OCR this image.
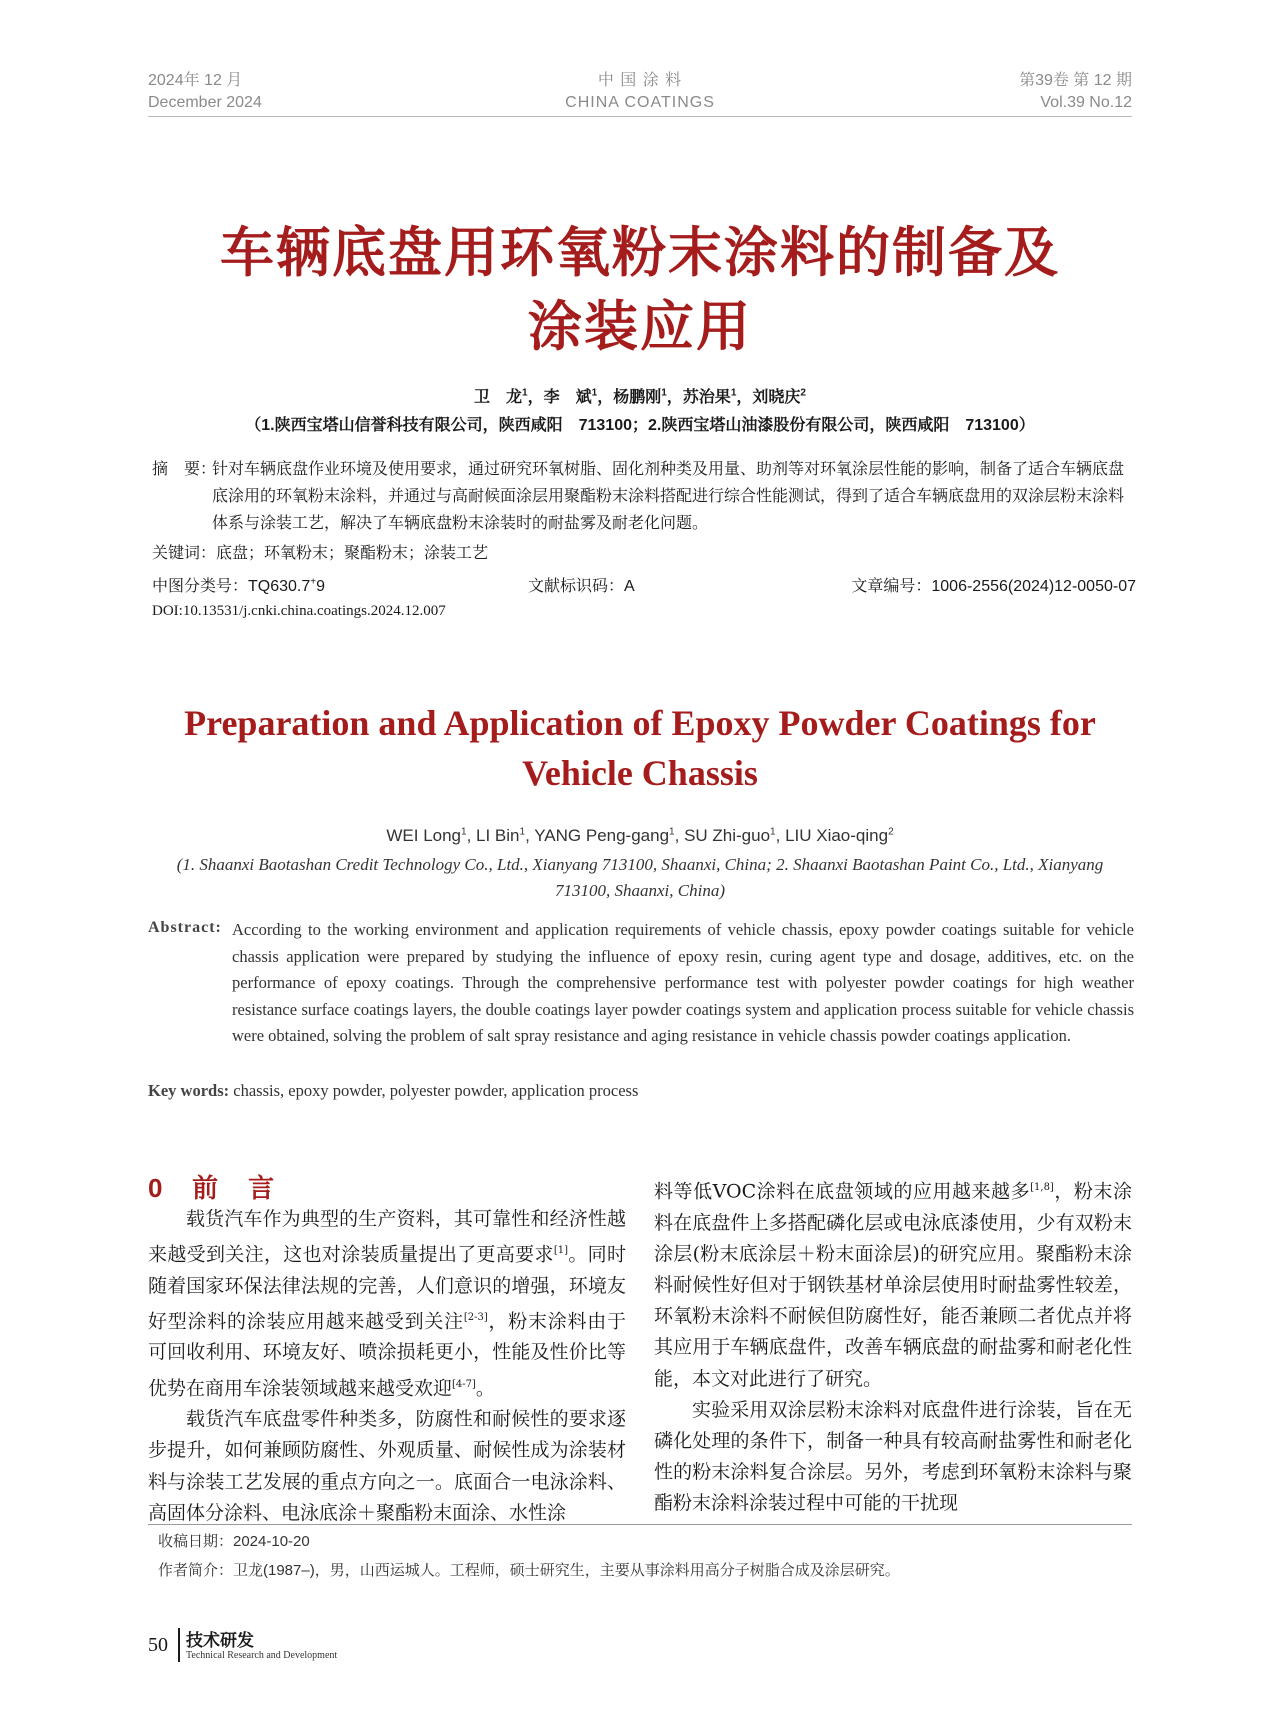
2024年 12 月
December 2024
中 国 涂 料
CHINA COATINGS
第39卷 第 12 期
Vol.39 No.12
车辆底盘用环氧粉末涂料的制备及
涂装应用
卫　龙$^1$，李　斌$^1$，杨鹏刚$^1$，苏治果$^1$，刘晓庆$^2$
（1.陕西宝塔山信誉科技有限公司，陕西咸阳　713100；2.陕西宝塔山油漆股份有限公司，陕西咸阳　713100）
摘　要：
针对车辆底盘作业环境及使用要求，通过研究环氧树脂、固化剂种类及用量、助剂等对环氧涂层性能的影响，制备了适合车辆底盘底涂用的环氧粉末涂料，并通过与高耐候面涂层用聚酯粉末涂料搭配进行综合性能测试，得到了适合车辆底盘用的双涂层粉末涂料体系与涂装工艺，解决了车辆底盘粉末涂装时的耐盐雾及耐老化问题。
关键词：底盘；环氧粉末；聚酯粉末；涂装工艺
中图分类号：TQ630.7+9	文献标识码：A	文章编号：1006-2556(2024)12-0050-07
DOI:10.13531/j.cnki.china.coatings.2024.12.007
Preparation and Application of Epoxy Powder Coatings for
Vehicle Chassis
WEI Long$^1$, LI Bin$^1$, YANG Peng-gang$^1$, SU Zhi-guo$^1$, LIU Xiao-qing$^2$
(1. Shaanxi Baotashan Credit Technology Co., Ltd., Xianyang 713100, Shaanxi, China; 2. Shaanxi Baotashan Paint Co., Ltd., Xianyang 713100, Shaanxi, China)
Abstract: According to the working environment and application requirements of vehicle chassis, epoxy powder coatings suitable for vehicle chassis application were prepared by studying the influence of epoxy resin, curing agent type and dosage, additives, etc. on the performance of epoxy coatings. Through the comprehensive performance test with polyester powder coatings for high weather resistance surface coatings layers, the double coatings layer powder coatings system and application process suitable for vehicle chassis were obtained, solving the problem of salt spray resistance and aging resistance in vehicle chassis powder coatings application.
Key words: chassis, epoxy powder, polyester powder, application process
0 前　言

载货汽车作为典型的生产资料，其可靠性和经济性越来越受到关注，这也对涂装质量提出了更高要求[1]。同时随着国家环保法律法规的完善，人们意识的增强，环境友好型涂料的涂装应用越来越受到关注[2-3]，粉末涂料由于可回收利用、环境友好、喷涂损耗更小，性能及性价比等优势在商用车涂装领域越来越受欢迎[4-7]。

载货汽车底盘零件种类多，防腐性和耐候性的要求逐步提升，如何兼顾防腐性、外观质量、耐候性成为涂装材料与涂装工艺发展的重点方向之一。底面合一电泳涂料、高固体分涂料、电泳底涂＋聚酯粉末面涂、水性涂

料等低VOC涂料在底盘领域的应用越来越多[1,8]，粉末涂料在底盘件上多搭配磷化层或电泳底漆使用，少有双粉末涂层(粉末底涂层＋粉末面涂层)的研究应用。聚酯粉末涂料耐候性好但对于钢铁基材单涂层使用时耐盐雾性较差，环氧粉末涂料不耐候但防腐性好，能否兼顾二者优点并将其应用于车辆底盘件，改善车辆底盘的耐盐雾和耐老化性能，本文对此进行了研究。

实验采用双涂层粉末涂料对底盘件进行涂装，旨在无磷化处理的条件下，制备一种具有较高耐盐雾性和耐老化性的粉末涂料复合涂层。另外，考虑到环氧粉末涂料与聚酯粉末涂料涂装过程中可能的干扰现

收稿日期：2024-10-20
作者简介：卫龙(1987–)，男，山西运城人。工程师，硕士研究生，主要从事涂料用高分子树脂合成及涂层研究。
50 技术研发
Technical Research and Development
